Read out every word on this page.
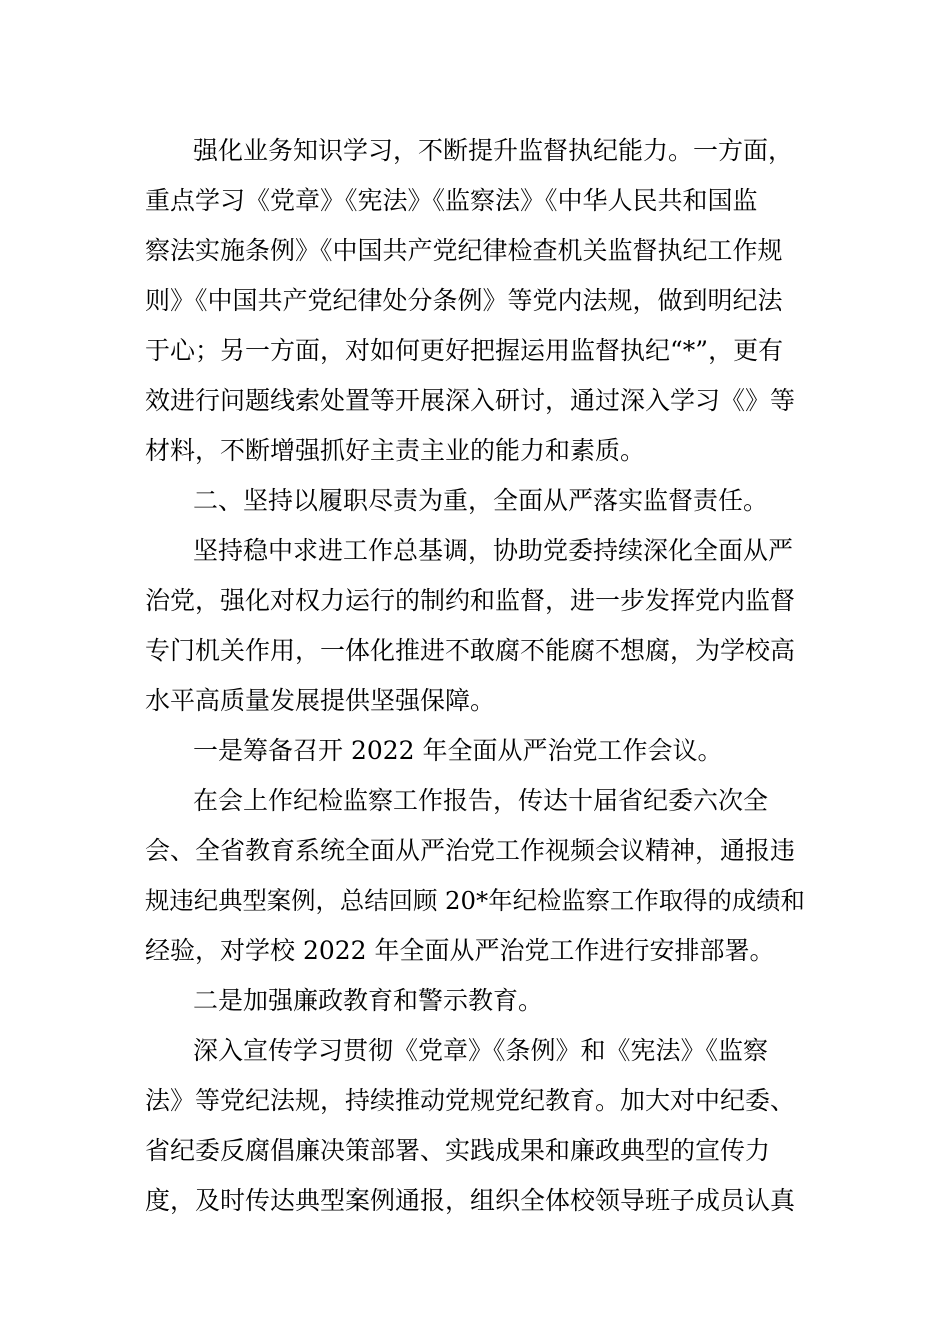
强化业务知识学习，不断提升监督执纪能力。一方面，
重点学习《党章》《宪法》《监察法》《中华人民共和国监
察法实施条例》《中国共产党纪律检查机关监督执纪工作规
则》《中国共产党纪律处分条例》等党内法规，做到明纪法
于心；另一方面，对如何更好把握运用监督执纪“*”，更有
效进行问题线索处置等开展深入研讨，通过深入学习《》等
材料，不断增强抓好主责主业的能力和素质。
二、坚持以履职尽责为重，全面从严落实监督责任。
坚持稳中求进工作总基调，协助党委持续深化全面从严
治党，强化对权力运行的制约和监督，进一步发挥党内监督
专门机关作用，一体化推进不敢腐不能腐不想腐，为学校高
水平高质量发展提供坚强保障。
一是筹备召开 2022 年全面从严治党工作会议。
在会上作纪检监察工作报告，传达十届省纪委六次全
会、全省教育系统全面从严治党工作视频会议精神，通报违
规违纪典型案例，总结回顾 20*年纪检监察工作取得的成绩和
经验，对学校 2022 年全面从严治党工作进行安排部署。
二是加强廉政教育和警示教育。
深入宣传学习贯彻《党章》《条例》和《宪法》《监察
法》等党纪法规，持续推动党规党纪教育。加大对中纪委、
省纪委反腐倡廉决策部署、实践成果和廉政典型的宣传力
度，及时传达典型案例通报，组织全体校领导班子成员认真
